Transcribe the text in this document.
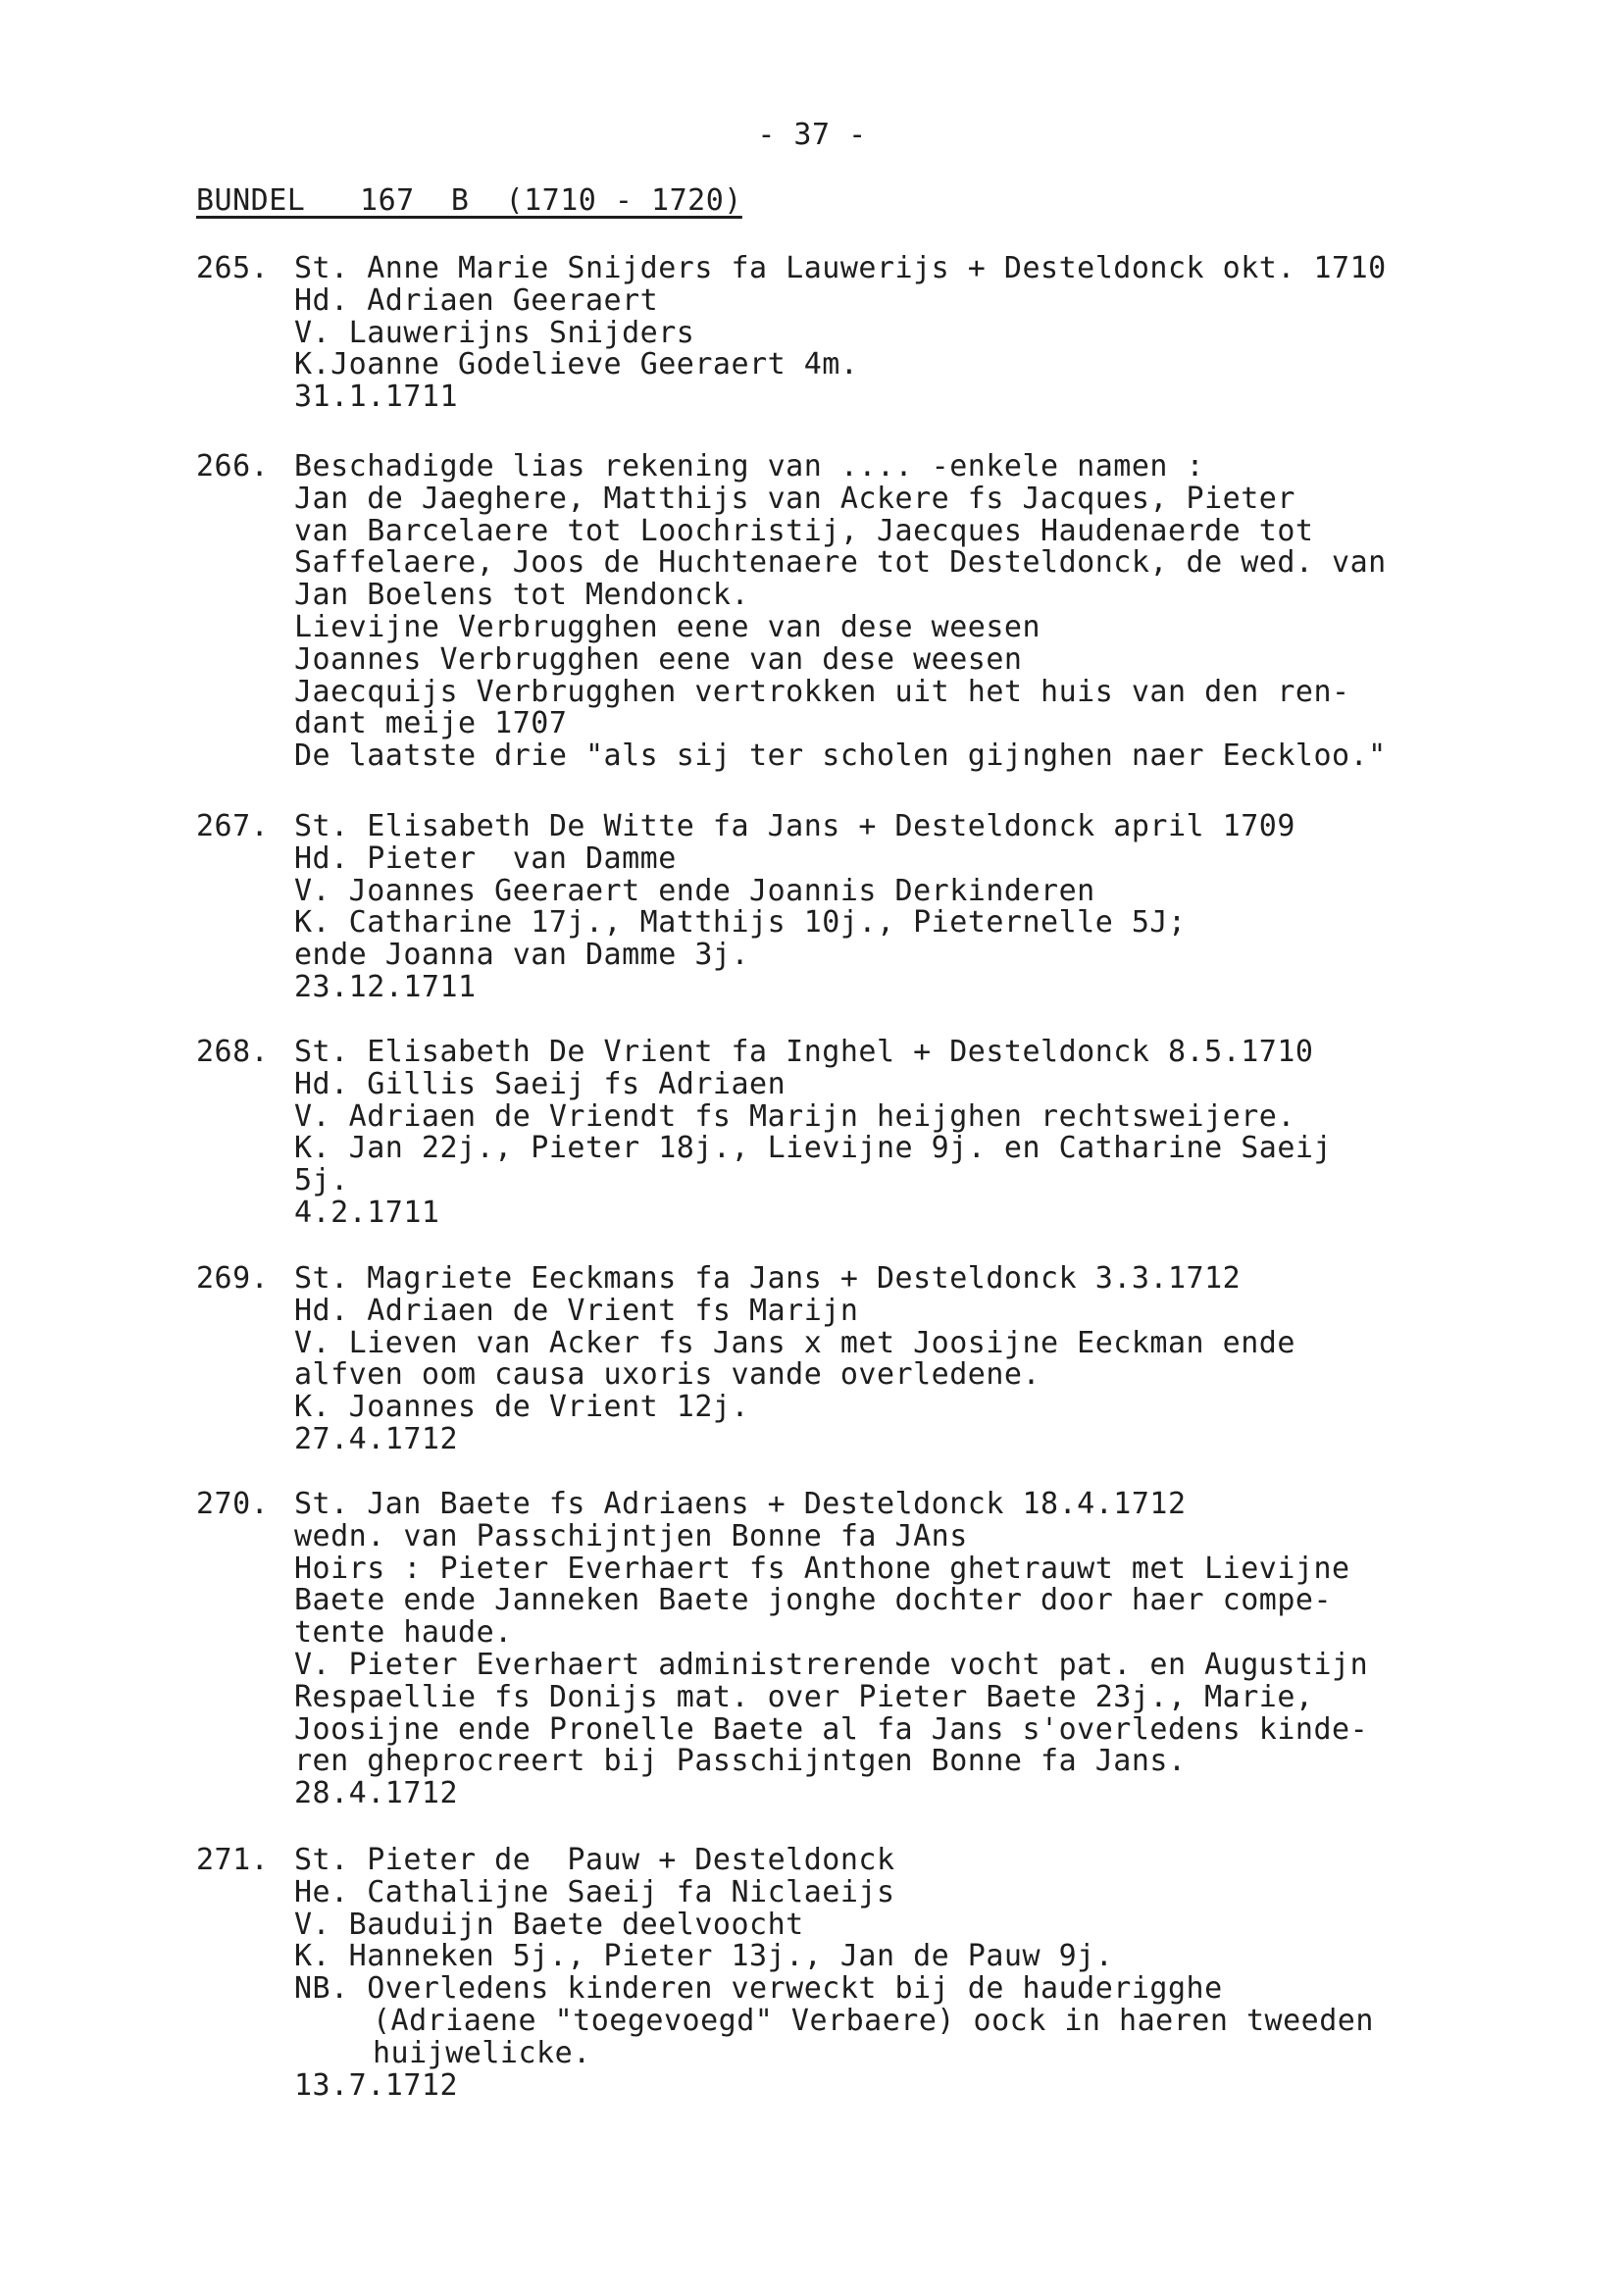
- 37 -
BUNDEL   167  B  (1710 - 1720)
265. St. Anne Marie Snijders fa Lauwerijs + Desteldonck okt. 1710
Hd. Adriaen Geeraert
V. Lauwerijns Snijders
K.Joanne Godelieve Geeraert 4m.
31.1.1711
266. Beschadigde lias rekening van .... -enkele namen :
Jan de Jaeghere, Matthijs van Ackere fs Jacques, Pieter
van Barcelaere tot Loochristij, Jaecques Haudenaerde tot
Saffelaere, Joos de Huchtenaere tot Desteldonck, de wed. van
Jan Boelens tot Mendonck.
Lievijne Verbrugghen eene van dese weesen
Joannes Verbrugghen eene van dese weesen
Jaecquijs Verbrugghen vertrokken uit het huis van den ren-
dant meije 1707
De laatste drie "als sij ter scholen gijnghen naer Eeckloo."
267. St. Elisabeth De Witte fa Jans + Desteldonck april 1709
Hd. Pieter  van Damme
V. Joannes Geeraert ende Joannis Derkinderen
K. Catharine 17j., Matthijs 10j., Pieternelle 5J;
ende Joanna van Damme 3j.
23.12.1711
268. St. Elisabeth De Vrient fa Inghel + Desteldonck 8.5.1710
Hd. Gillis Saeij fs Adriaen
V. Adriaen de Vriendt fs Marijn heijghen rechtsweijere.
K. Jan 22j., Pieter 18j., Lievijne 9j. en Catharine Saeij
5j.
4.2.1711
269. St. Magriete Eeckmans fa Jans + Desteldonck 3.3.1712
Hd. Adriaen de Vrient fs Marijn
V. Lieven van Acker fs Jans x met Joosijne Eeckman ende
alfven oom causa uxoris vande overledene.
K. Joannes de Vrient 12j.
27.4.1712
270. St. Jan Baete fs Adriaens + Desteldonck 18.4.1712
wedn. van Passchijntjen Bonne fa JAns
Hoirs : Pieter Everhaert fs Anthone ghetrauwt met Lievijne
Baete ende Janneken Baete jonghe dochter door haer compe-
tente haude.
V. Pieter Everhaert administrerende vocht pat. en Augustijn
Respaellie fs Donijs mat. over Pieter Baete 23j., Marie,
Joosijne ende Pronelle Baete al fa Jans s'overledens kinde-
ren gheprocreert bij Passchijntgen Bonne fa Jans.
28.4.1712
271. St. Pieter de  Pauw + Desteldonck
He. Cathalijne Saeij fa Niclaeijs
V. Bauduijn Baete deelvoocht
K. Hanneken 5j., Pieter 13j., Jan de Pauw 9j.
NB. Overledens kinderen verweckt bij de hauderigghe
(Adriaene "toegevoegd" Verbaere) oock in haeren tweeden
huijwelicke.
13.7.1712
